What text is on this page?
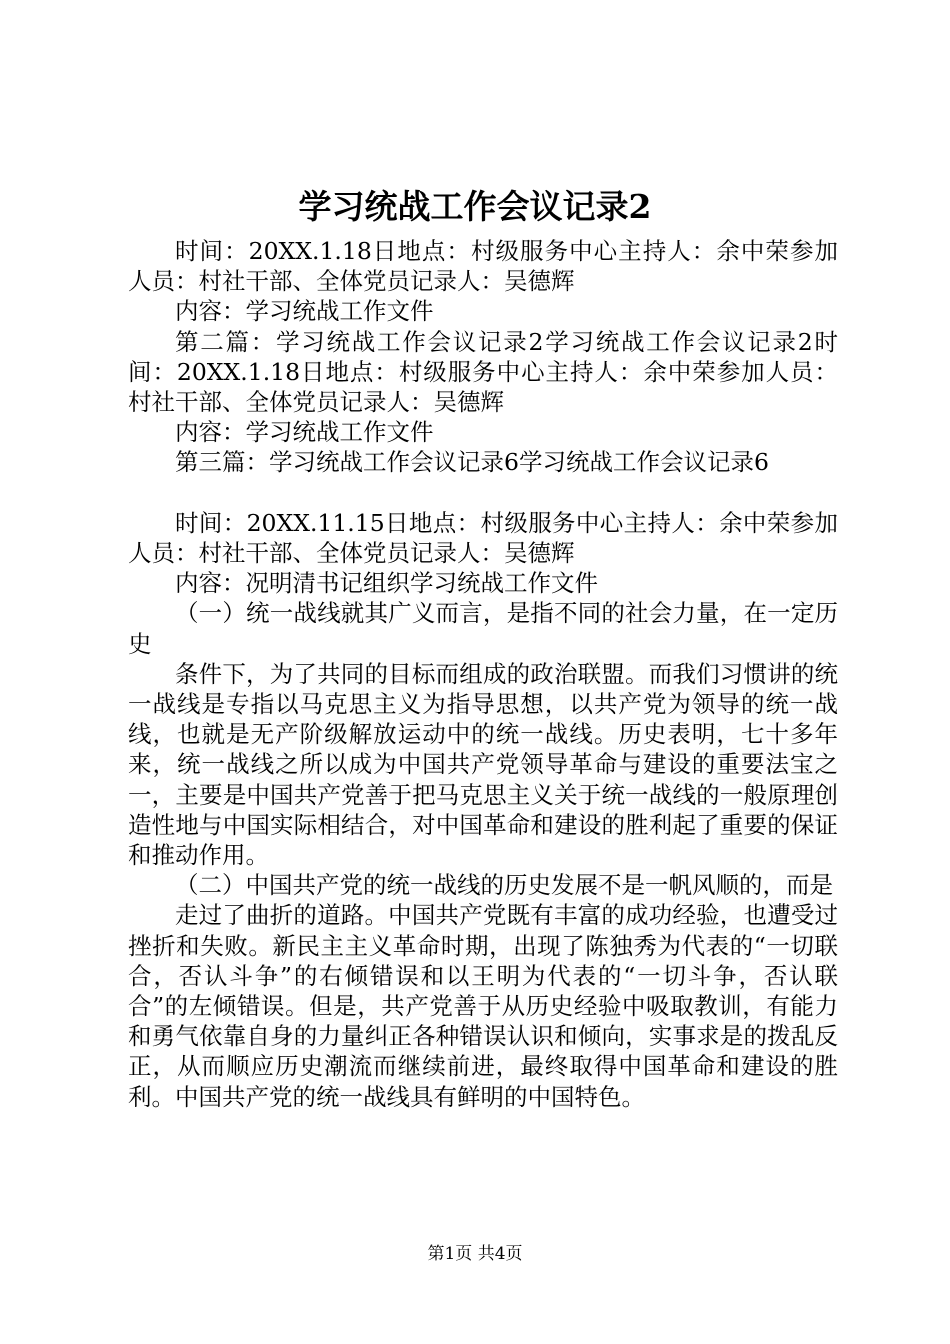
学习统战工作会议记录2

时间：20XX.1.18日地点：村级服务中心主持人：余中荣参加人员：村社干部、全体党员记录人：吴德辉

内容：学习统战工作文件

第二篇：学习统战工作会议记录2学习统战工作会议记录2时间：20XX.1.18日地点：村级服务中心主持人：余中荣参加人员：村社干部、全体党员记录人：吴德辉

内容：学习统战工作文件

第三篇：学习统战工作会议记录6学习统战工作会议记录6

时间：20XX.11.15日地点：村级服务中心主持人：余中荣参加人员：村社干部、全体党员记录人：吴德辉

内容：况明清书记组织学习统战工作文件

（一）统一战线就其广义而言，是指不同的社会力量，在一定历史

条件下，为了共同的目标而组成的政治联盟。而我们习惯讲的统一战线是专指以马克思主义为指导思想，以共产党为领导的统一战线，也就是无产阶级解放运动中的统一战线。历史表明，七十多年来，统一战线之所以成为中国共产党领导革命与建设的重要法宝之一，主要是中国共产党善于把马克思主义关于统一战线的一般原理创造性地与中国实际相结合，对中国革命和建设的胜利起了重要的保证和推动作用。

（二）中国共产党的统一战线的历史发展不是一帆风顺的，而是

走过了曲折的道路。中国共产党既有丰富的成功经验，也遭受过挫折和失败。新民主主义革命时期，出现了陈独秀为代表的“一切联合，否认斗争”的右倾错误和以王明为代表的“一切斗争，否认联合”的左倾错误。但是，共产党善于从历史经验中吸取教训，有能力和勇气依靠自身的力量纠正各种错误认识和倾向，实事求是的拨乱反正，从而顺应历史潮流而继续前进，最终取得中国革命和建设的胜利。中国共产党的统一战线具有鲜明的中国特色。

第1页 共4页
